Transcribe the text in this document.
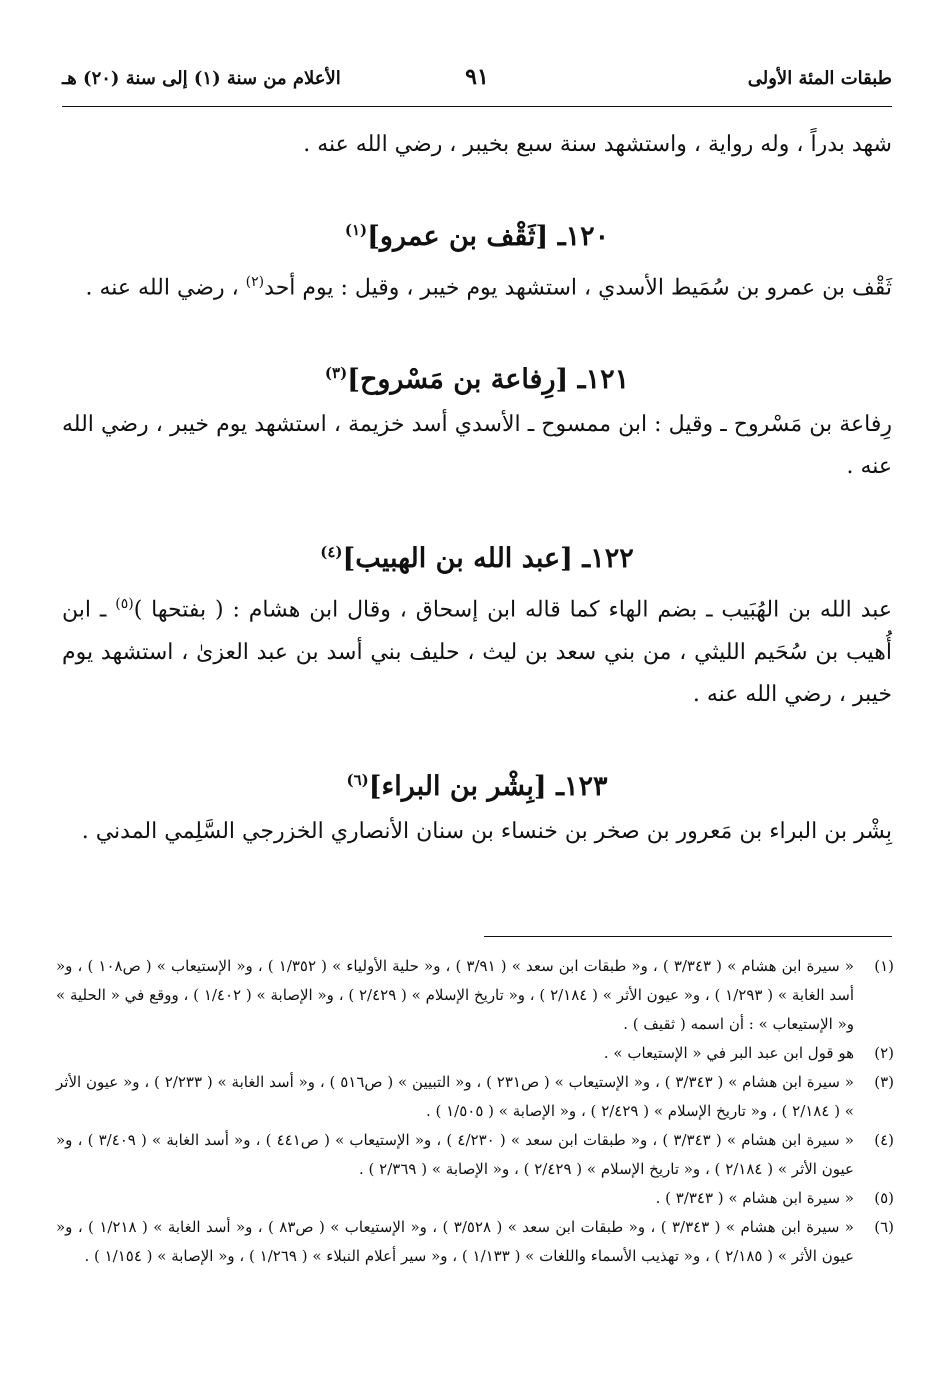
طبقات المئة الأولى
٩١
الأعلام من سنة (١) إلى سنة (٢٠) هـ

شهد بدراً ، وله رواية ، واستشهد سنة سبع بخيبر ، رضي الله عنه .

١٢٠ـ [ثَقْف بن عمرو]$^{(١)}$

ثَقْف بن عمرو بن سُمَيط الأسدي ، استشهد يوم خيبر ، وقيل : يوم أحد$^{(٢)}$ ، رضي الله عنه .

١٢١ـ [رِفاعة بن مَسْروح]$^{(٣)}$

رِفاعة بن مَسْروح ـ وقيل : ابن ممسوح ـ الأسدي أسد خزيمة ، استشهد يوم خيبر ، رضي الله عنه .

١٢٢ـ [عبد الله بن الهبيب]$^{(٤)}$

عبد الله بن الهُبَيب ـ بضم الهاء كما قاله ابن إسحاق ، وقال ابن هشام : ( بفتحها )$^{(٥)}$ ـ ابن أُهيب بن سُحَيم الليثي ، من بني سعد بن ليث ، حليف بني أسد بن عبد العزىٰ ، استشهد يوم خيبر ، رضي الله عنه .

١٢٣ـ [بِشْر بن البراء]$^{(٦)}$

بِشْر بن البراء بن مَعرور بن صخر بن خنساء بن سنان الأنصاري الخزرجي السَّلِمي المدني .

(١)
« سيرة ابن هشام » ( ٣/٣٤٣ ) ، و« طبقات ابن سعد » ( ٣/٩١ ) ، و« حلية الأولياء » ( ١/٣٥٢ ) ، و« الإستيعاب » ( ص١٠٨ ) ، و« أسد الغابة » ( ١/٢٩٣ ) ، و« عيون الأثر » ( ٢/١٨٤ ) ، و« تاريخ الإسلام » ( ٢/٤٢٩ ) ، و« الإصابة » ( ١/٤٠٢ ) ، ووقع في « الحلية » و« الإستيعاب » : أن اسمه ( ثقيف ) .
(٢)
هو قول ابن عبد البر في « الإستيعاب » .
(٣)
« سيرة ابن هشام » ( ٣/٣٤٣ ) ، و« الإستيعاب » ( ص٢٣١ ) ، و« التبيين » ( ص٥١٦ ) ، و« أسد الغابة » ( ٢/٢٣٣ ) ، و« عيون الأثر » ( ٢/١٨٤ ) ، و« تاريخ الإسلام » ( ٢/٤٢٩ ) ، و« الإصابة » ( ١/٥٠٥ ) .
(٤)
« سيرة ابن هشام » ( ٣/٣٤٣ ) ، و« طبقات ابن سعد » ( ٤/٢٣٠ ) ، و« الإستيعاب » ( ص٤٤١ ) ، و« أسد الغابة » ( ٣/٤٠٩ ) ، و« عيون الأثر » ( ٢/١٨٤ ) ، و« تاريخ الإسلام » ( ٢/٤٢٩ ) ، و« الإصابة » ( ٢/٣٦٩ ) .
(٥)
« سيرة ابن هشام » ( ٣/٣٤٣ ) .
(٦)
« سيرة ابن هشام » ( ٣/٣٤٣ ) ، و« طبقات ابن سعد » ( ٣/٥٢٨ ) ، و« الإستيعاب » ( ص٨٣ ) ، و« أسد الغابة » ( ١/٢١٨ ) ، و« عيون الأثر » ( ٢/١٨٥ ) ، و« تهذيب الأسماء واللغات » ( ١/١٣٣ ) ، و« سير أعلام النبلاء » ( ١/٢٦٩ ) ، و« الإصابة » ( ١/١٥٤ ) .
